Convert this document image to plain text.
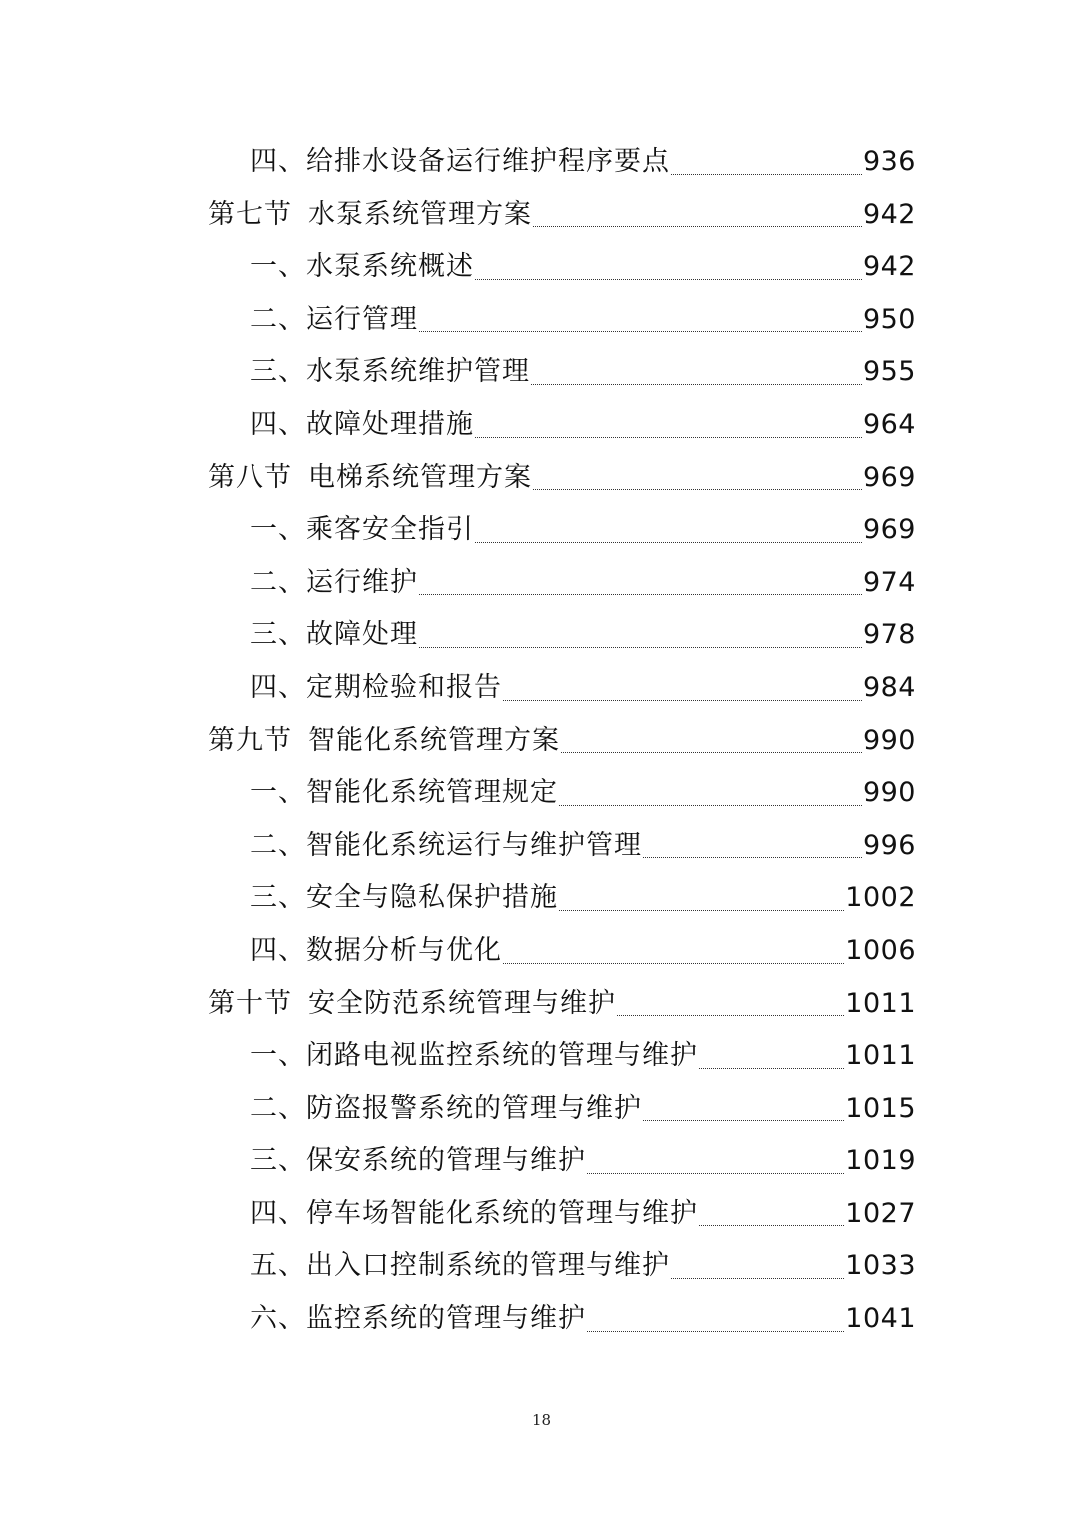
四、给排水设备运行维护程序要点	936
第七节 水泵系统管理方案	942
一、水泵系统概述	942
二、运行管理	950
三、水泵系统维护管理	955
四、故障处理措施	964
第八节 电梯系统管理方案	969
一、乘客安全指引	969
二、运行维护	974
三、故障处理	978
四、定期检验和报告	984
第九节 智能化系统管理方案	990
一、智能化系统管理规定	990
二、智能化系统运行与维护管理	996
三、安全与隐私保护措施	1002
四、数据分析与优化	1006
第十节 安全防范系统管理与维护	1011
一、闭路电视监控系统的管理与维护	1011
二、防盗报警系统的管理与维护	1015
三、保安系统的管理与维护	1019
四、停车场智能化系统的管理与维护	1027
五、出入口控制系统的管理与维护	1033
六、监控系统的管理与维护	1041
18
